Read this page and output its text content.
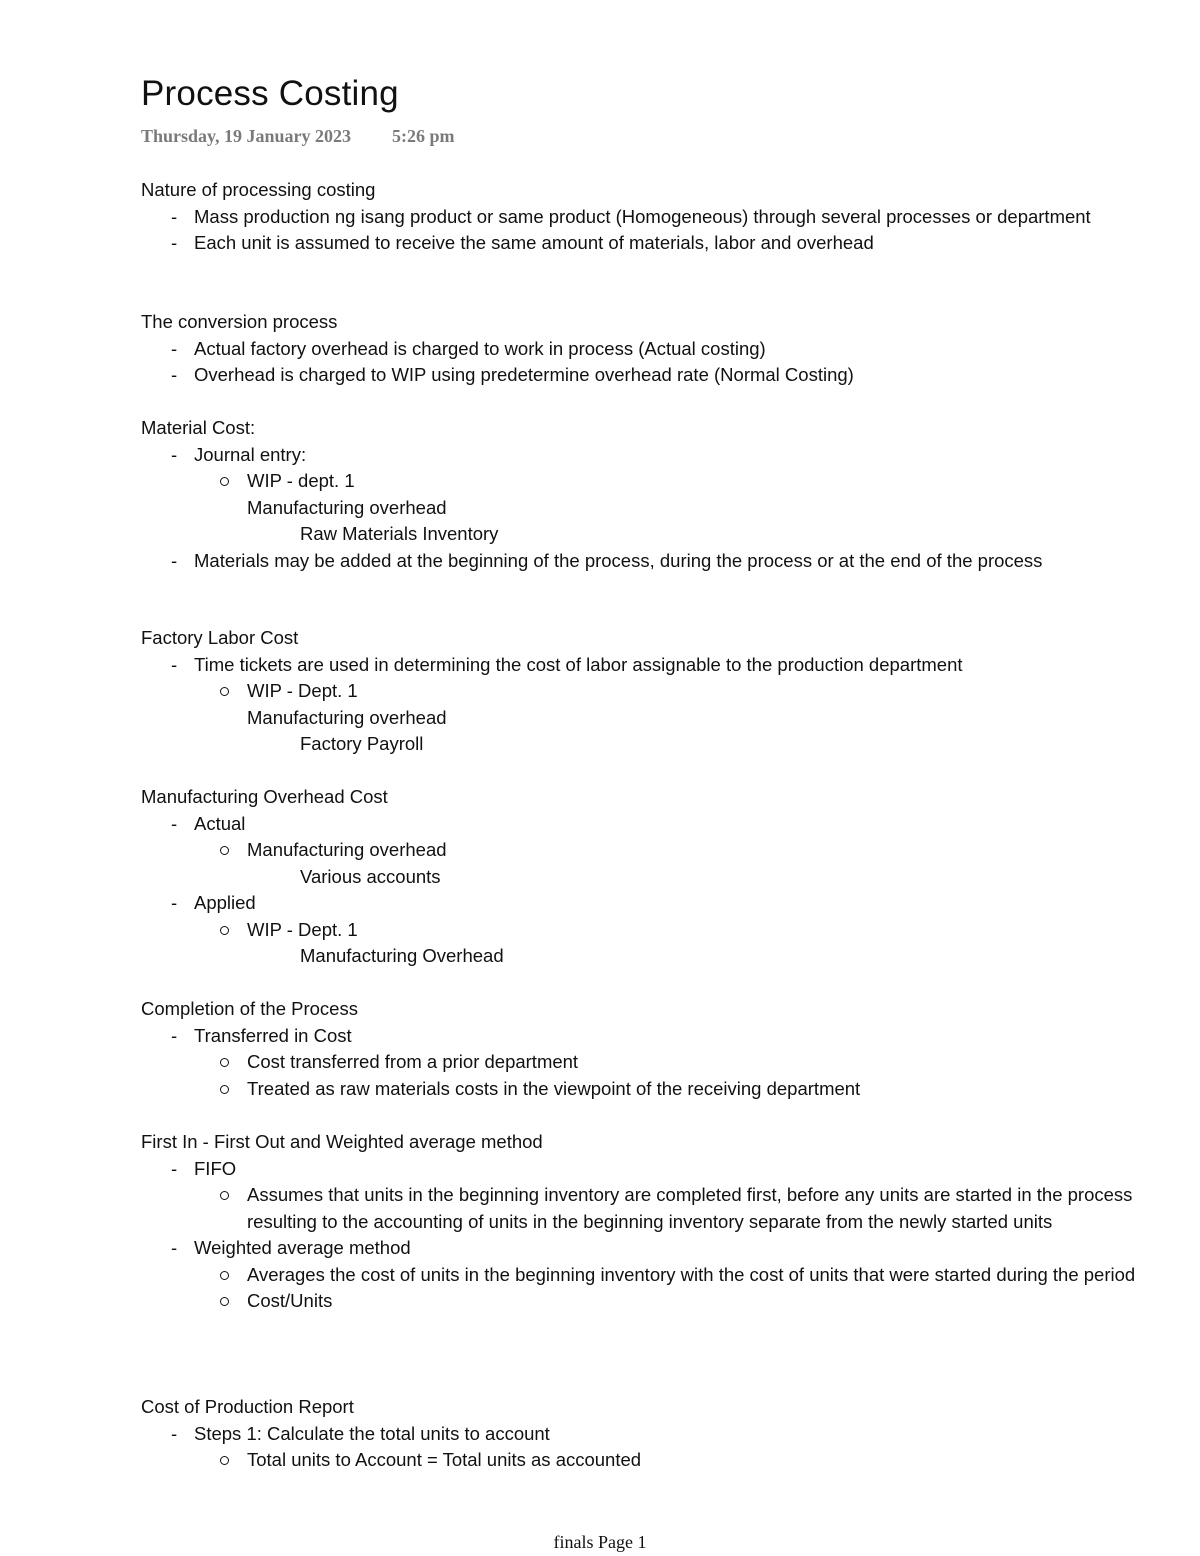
Process Costing
Thursday, 19 January 2023 5:26 pm
Nature of processing costing
- Mass production ng isang product or same product (Homogeneous) through several processes or department
- Each unit is assumed to receive the same amount of materials, labor and overhead
The conversion process
- Actual factory overhead is charged to work in process (Actual costing)
- Overhead is charged to WIP using predetermine overhead rate (Normal Costing)
Material Cost:
- Journal entry:
WIP - dept. 1
Manufacturing overhead
Raw Materials Inventory
- Materials may be added at the beginning of the process, during the process or at the end of the process
Factory Labor Cost
- Time tickets are used in determining the cost of labor assignable to the production department
WIP - Dept. 1
Manufacturing overhead
Factory Payroll
Manufacturing Overhead Cost
- Actual
Manufacturing overhead
Various accounts
- Applied
WIP - Dept. 1
Manufacturing Overhead
Completion of the Process
- Transferred in Cost
Cost transferred from a prior department
Treated as raw materials costs in the viewpoint of the receiving department
First In - First Out and Weighted average method
- FIFO
Assumes that units in the beginning inventory are completed first, before any units are started in the process resulting to the accounting of units in the beginning inventory separate from the newly started units
- Weighted average method
Averages the cost of units in the beginning inventory with the cost of units that were started during the period
Cost/Units
Cost of Production Report
- Steps 1: Calculate the total units to account
Total units to Account = Total units as accounted
finals Page 1
